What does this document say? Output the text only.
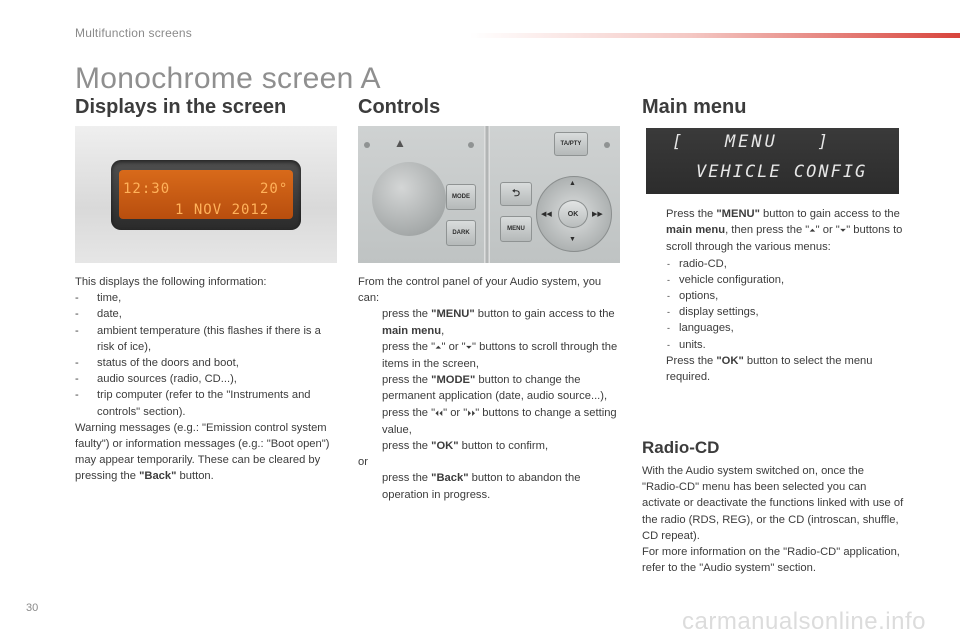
Multifunction screens
Monochrome screen A
Displays in the screen
12:30	20°
1 NOV 2012

This displays the following information:

- time,
- date,
- ambient temperature (this flashes if there is a risk of ice),
- status of the doors and boot,
- audio sources (radio, CD...),
- trip computer (refer to the "Instruments and controls" section).

Warning messages (e.g.: "Emission control system faulty") or information messages (e.g.: "Boot open") may appear temporarily. These can be cleared by pressing the "Back" button.

Controls
▲
MODE
DARK
⮌
MENU
TA/PTY
OK
▲
▼
◀◀	▶▶

From the control panel of your Audio system, you can:

press the "MENU" button to gain access to the main menu,
press the "⏶" or "⏷" buttons to scroll through the items in the screen,
press the "MODE" button to change the permanent application (date, audio source...),
press the "⏴⏴" or "⏵⏵" buttons to change a setting value,
press the "OK" button to confirm,

or

press the "Back" button to abandon the operation in progress.
Main menu
[   MENU   ]
VEHICLE CONFIG
Press the "MENU" button to gain access to the main menu, then press the "⏶" or "⏷" buttons to scroll through the various menus:
- radio-CD,
- vehicle configuration,
- options,
- display settings,
- languages,
- units.
Press the "OK" button to select the menu required.
Radio-CD

With the Audio system switched on, once the "Radio-CD" menu has been selected you can activate or deactivate the functions linked with use of the radio (RDS, REG), or the CD (introscan, shuffle, CD repeat).

For more information on the "Radio-CD" application, refer to the "Audio system" section.

30	carmanualsonline.info
